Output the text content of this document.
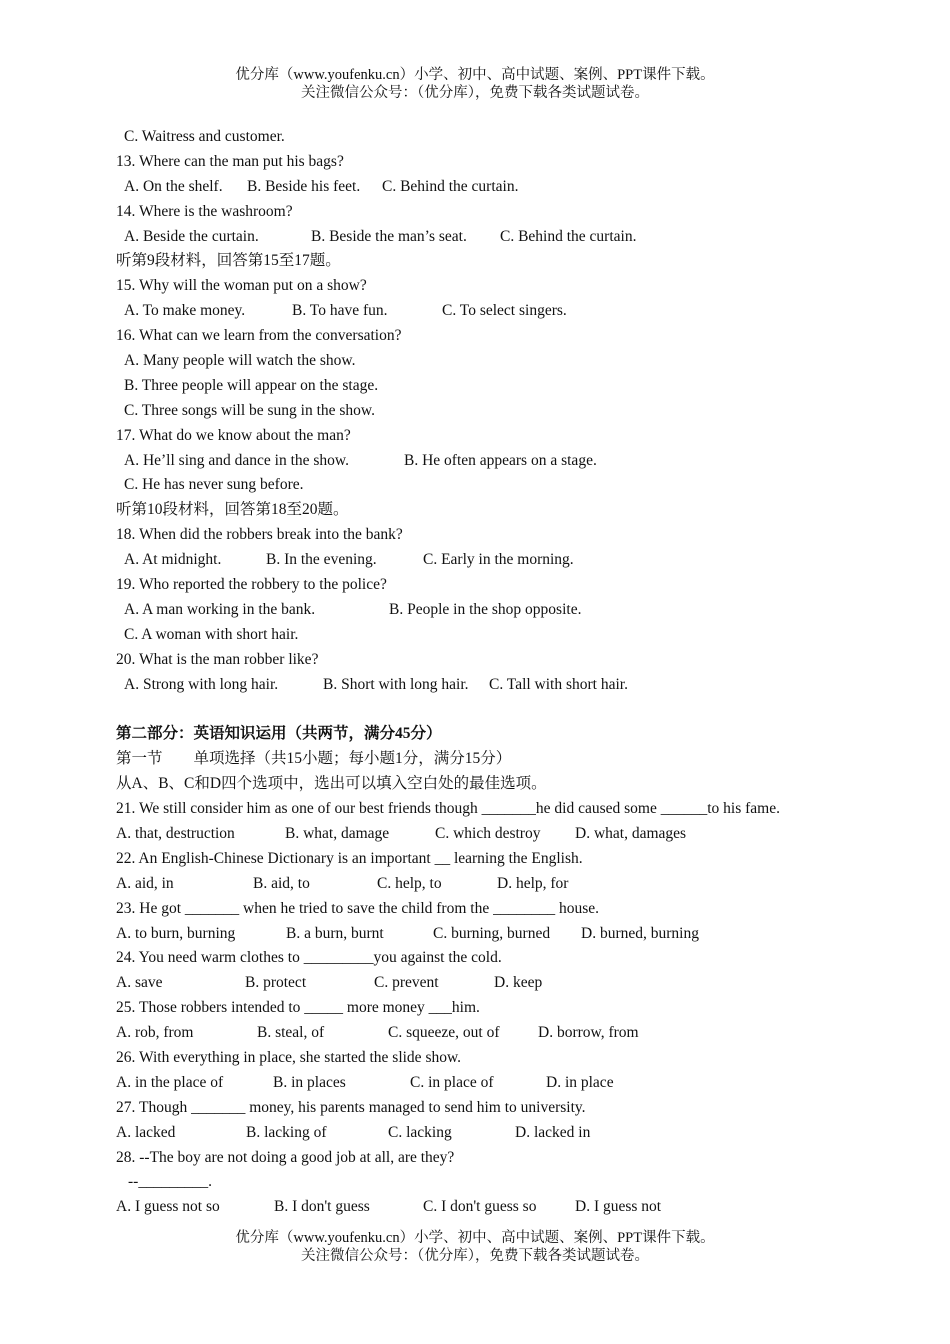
优分库（www.youfenku.cn）小学、初中、高中试题、案例、PPT课件下载。
关注微信公众号：（优分库），免费下载各类试题试卷。
C. Waitress and customer.
13. Where can the man put his bags?
A. On the shelf. B. Beside his feet. C. Behind the curtain.
14. Where is the washroom?
A. Beside the curtain.	B. Beside the man’s seat. C. Behind the curtain.
听第9段材料，回答第15至17题。
15. Why will the woman put on a show?
A. To make money.	B. To have fun.	C. To select singers.
16. What can we learn from the conversation?
A. Many people will watch the show.
B. Three people will appear on the stage.
C. Three songs will be sung in the show.
17. What do we know about the man?
A. He’ll sing and dance in the show.	B. He often appears on a stage.
C. He has never sung before.
听第10段材料，回答第18至20题。
18. When did the robbers break into the bank?
A. At midnight.	B. In the evening.	C. Early in the morning.
19. Who reported the robbery to the police?
A. A man working in the bank.	B. People in the shop opposite.
C. A woman with short hair.
20. What is the man robber like?
A. Strong with long hair.	B. Short with long hair. C. Tall with short hair.
第二部分：英语知识运用（共两节，满分45分）
第一节　　单项选择（共15小题；每小题1分，满分15分）
从A、B、C和D四个选项中，选出可以填入空白处的最佳选项。
21. We still consider him as one of our best friends though _______he did caused some ______to his fame.
A. that, destruction	B. what, damage	C. which destroy D. what, damages
22. An English-Chinese Dictionary is an important __ learning the English.
A. aid, in	B. aid, to	C. help, to	D. help, for
23. He got _______ when he tried to save the child from the ________ house.
A. to burn, burning	B. a burn, burnt	C. burning, burned D. burned, burning
24. You need warm clothes to _________you against the cold.
A. save	B. protect	C. prevent	D. keep
25. Those robbers intended to _____ more money ___him.
A. rob, from	B. steal, of	C. squeeze, out of D. borrow, from
26. With everything in place, she started the slide show.
A. in the place of	B. in places	C. in place of	D. in place
27. Though _______ money, his parents managed to send him to university.
A. lacked	B. lacking of	C. lacking	D. lacked in
28. --The boy are not doing a good job at all, are they?
--_________.
A. I guess not so	B. I don't guess	C. I don't guess so D. I guess not
优分库（www.youfenku.cn）小学、初中、高中试题、案例、PPT课件下载。
关注微信公众号：（优分库），免费下载各类试题试卷。
